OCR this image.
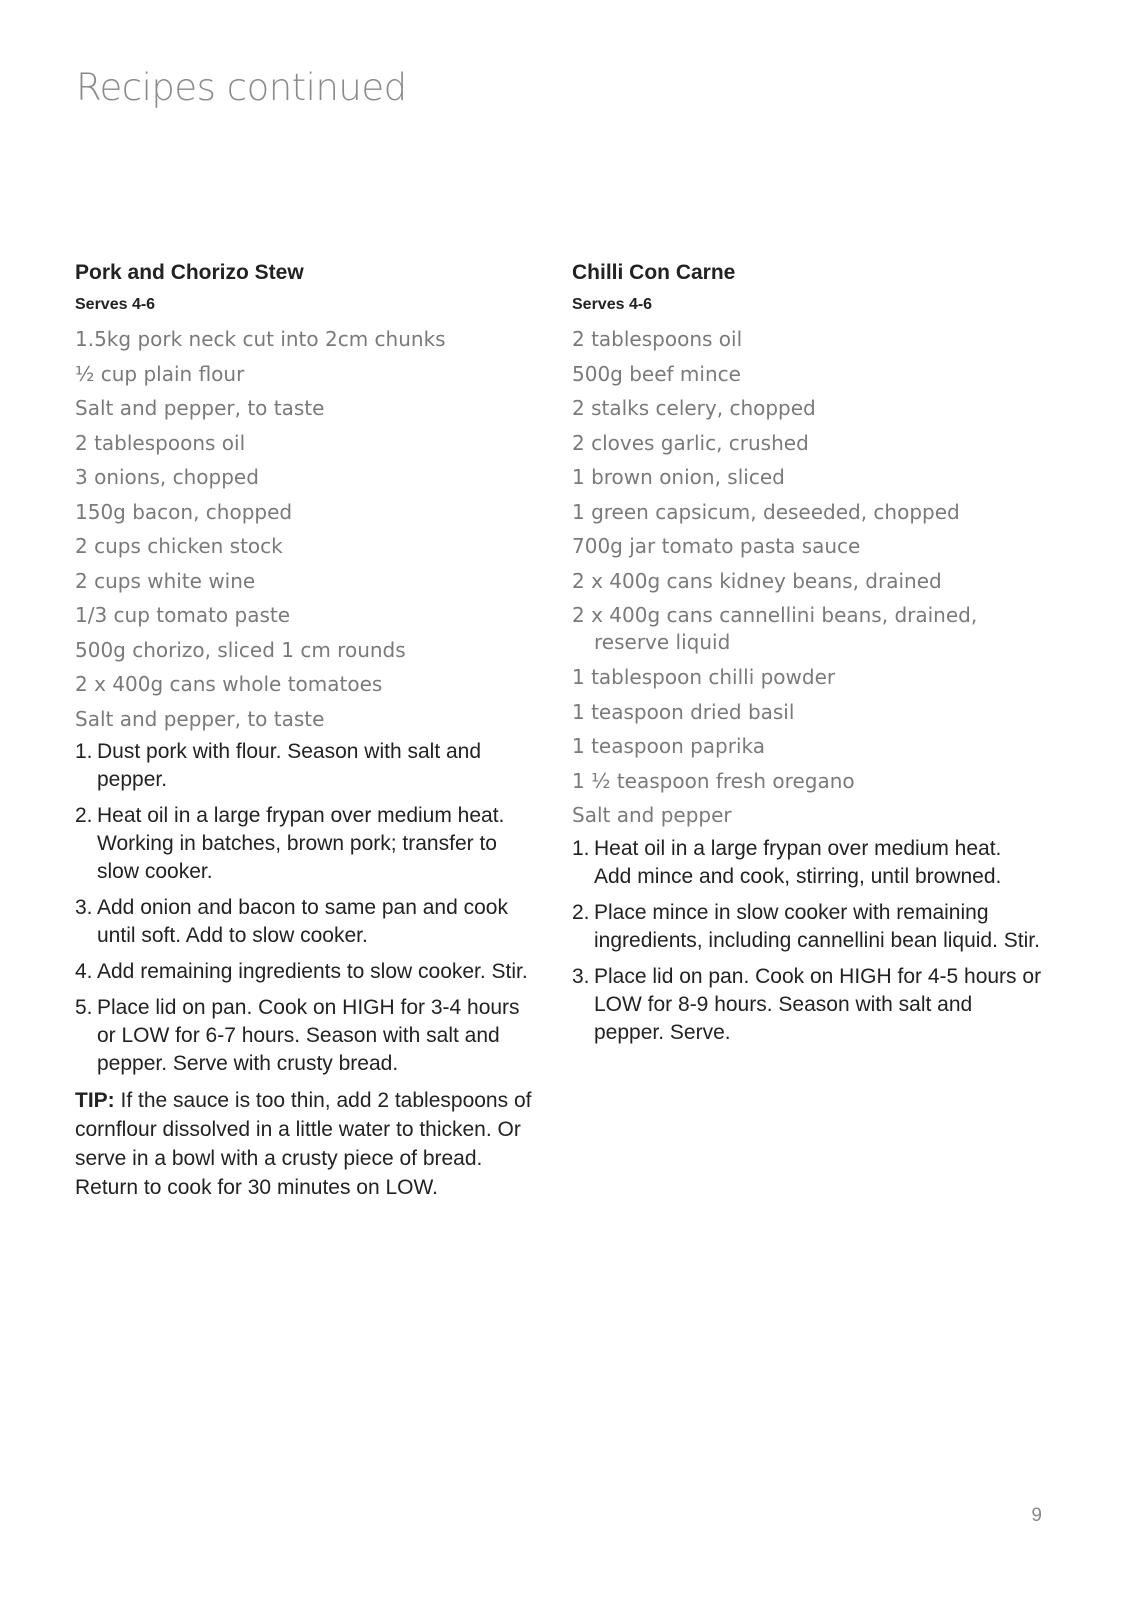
Recipes continued
Pork and Chorizo Stew
Serves 4-6
1.5kg pork neck cut into 2cm chunks
½ cup plain flour
Salt and pepper, to taste
2 tablespoons oil
3 onions, chopped
150g bacon, chopped
2 cups chicken stock
2 cups white wine
1/3 cup tomato paste
500g chorizo, sliced 1 cm rounds
2 x 400g cans whole tomatoes
Salt and pepper, to taste
1. Dust pork with flour. Season with salt and pepper.
2. Heat oil in a large frypan over medium heat. Working in batches, brown pork; transfer to slow cooker.
3. Add onion and bacon to same pan and cook until soft. Add to slow cooker.
4. Add remaining ingredients to slow cooker. Stir.
5. Place lid on pan. Cook on HIGH for 3-4 hours or LOW for 6-7 hours. Season with salt and pepper. Serve with crusty bread.

TIP: If the sauce is too thin, add 2 tablespoons of cornflour dissolved in a little water to thicken. Or serve in a bowl with a crusty piece of bread. Return to cook for 30 minutes on LOW.

Chilli Con Carne
Serves 4-6
2 tablespoons oil
500g beef mince
2 stalks celery, chopped
2 cloves garlic, crushed
1 brown onion, sliced
1 green capsicum, deseeded, chopped
700g jar tomato pasta sauce
2 x 400g cans kidney beans, drained
2 x 400g cans cannellini beans, drained, reserve liquid
1 tablespoon chilli powder
1 teaspoon dried basil
1 teaspoon paprika
1 ½ teaspoon fresh oregano
Salt and pepper
1. Heat oil in a large frypan over medium heat. Add mince and cook, stirring, until browned.
2. Place mince in slow cooker with remaining ingredients, including cannellini bean liquid. Stir.
3. Place lid on pan. Cook on HIGH for 4-5 hours or LOW for 8-9 hours. Season with salt and pepper. Serve.
9
